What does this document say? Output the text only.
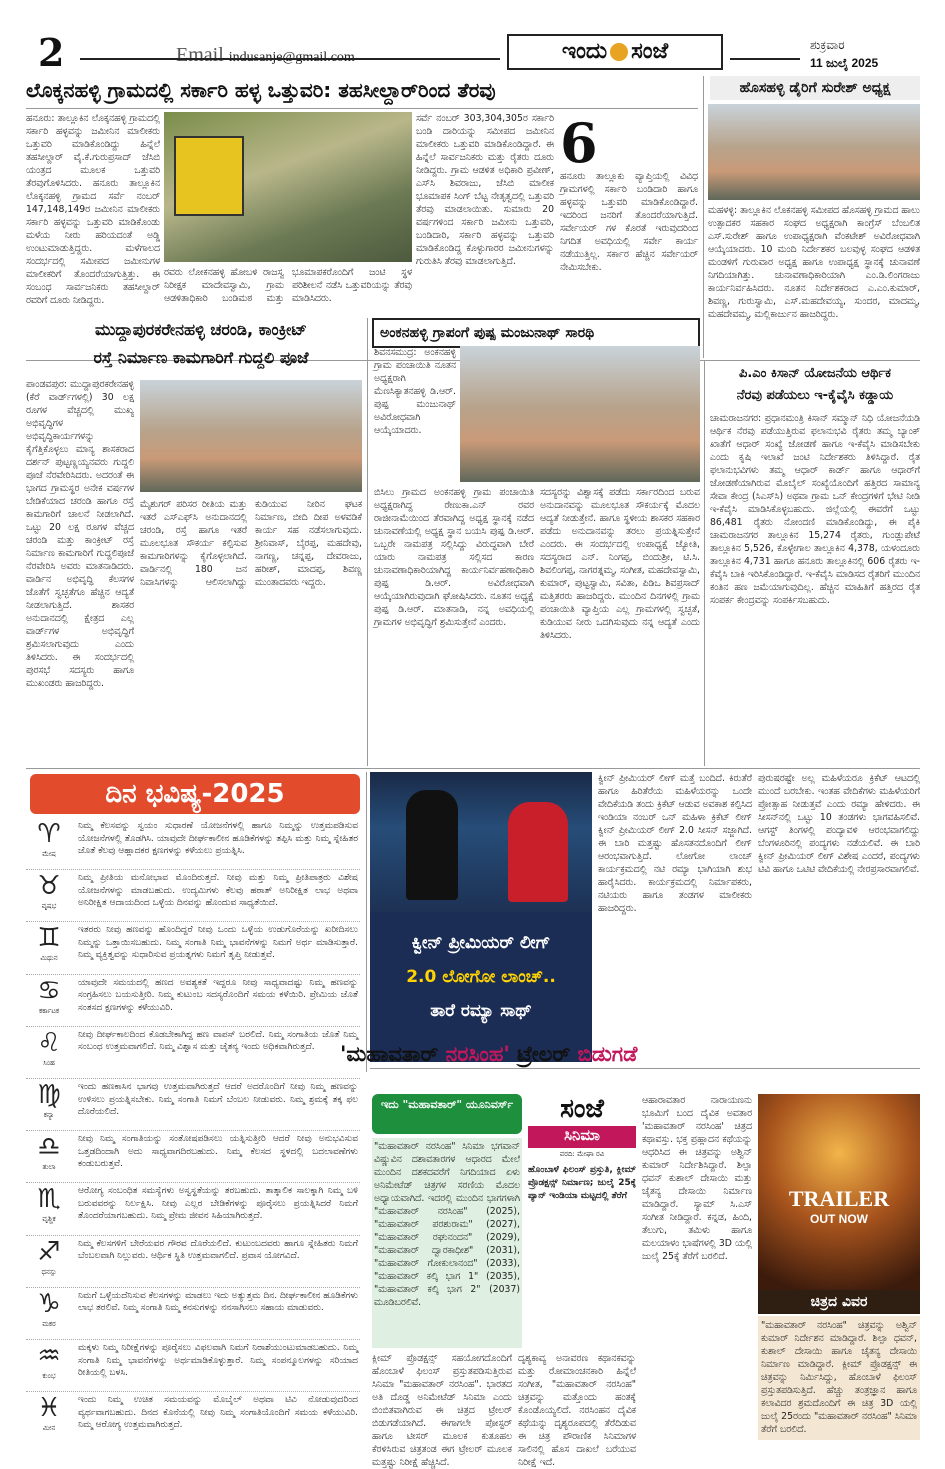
2	Email indusanje@gmail.com	ಇಂದು ಸಂಜೆ	ಶುಕ್ರವಾರ
11 ಜುಲೈ 2025
ಲೊಕ್ಕನಹಳ್ಳಿ ಗ್ರಾಮದಲ್ಲಿ ಸರ್ಕಾರಿ ಹಳ್ಳ ಒತ್ತುವರಿ: ತಹಸೀಲ್ದಾರ್‌ರಿಂದ ತೆರವು
ಹನೂರು: ತಾಲ್ಲೂಕಿನ ಲೊಕ್ಕನಹಳ್ಳಿ ಗ್ರಾಮದಲ್ಲಿ ಸರ್ಕಾರಿ ಹಳ್ಳವನ್ನು ಜಮೀನಿನ ಮಾಲೀಕರು ಒತ್ತುವರಿ ಮಾಡಿಕೊಂಡಿದ್ದು ಹಿನ್ನೆಲೆ ತಹಸೀಲ್ದಾರ್ ವೈ.ಕೆ.ಗುರುಪ್ರಸಾದ್ ಜೆಸಿಬಿ ಯಂತ್ರದ ಮೂಲಕ ಒತ್ತುವರಿ ತೆರವುಗೊಳಿಸಿದರು. ಹನೂರು ತಾಲ್ಲೂಕಿನ ಲೊಕ್ಕನಹಳ್ಳಿ ಗ್ರಾಮದ ಸರ್ವೆ ನಂಬರ್ 147,148,149ರ ಜಮೀನಿನ ಮಾಲೀಕರು ಸರ್ಕಾರಿ ಹಳ್ಳವನ್ನು ಒತ್ತುವರಿ ಮಾಡಿಕೊಂಡು ಮಳೆಯ ನೀರು ಹರಿಯದಂತೆ ಅಡ್ಡಿ ಉಂಟುಮಾಡುತ್ತಿದ್ದರು. ಮಳೆಗಾಲದ ಸಂದರ್ಭದಲ್ಲಿ ಸಮೀಪದ ಜಮೀನುಗಳ ಮಾಲೀಕರಿಗೆ ತೊಂದರೆಯಾಗುತ್ತಿತ್ತು. ಈ ಸಂಬಂಧ ಸಾರ್ವಜನಿಕರು ತಹಸೀಲ್ದಾರ್ ರವರಿಗೆ ದೂರು ನೀಡಿದ್ದರು.
ರವರು ಲೋಕನಹಳ್ಳಿ ಹೋಬಳಿ ರಾಜಸ್ವ ನಿರೀಕ್ಷಕ ಮಾದೇವಸ್ವಾಮಿ, ಗ್ರಾಮ ಆಡಳಿತಾಧಿಕಾರಿ ಬಂಡಿಮಠ ಮತ್ತು ಭೂಮಾಪಕರೊಂದಿಗೆ ಜಂಟಿ ಸ್ಥಳ ಪರಿಶೀಲನೆ ನಡೆಸಿ ಒತ್ತುವರಿಯನ್ನು ತೆರವು ಮಾಡಿಸಿದರು.
ಸರ್ವೆ ನಂಬರ್ 303,304,305ರ ಸರ್ಕಾರಿ ಬಂಡಿ ದಾರಿಯನ್ನು ಸಮೀಪದ ಜಮೀನಿನ ಮಾಲೀಕರು ಒತ್ತುವರಿ ಮಾಡಿಕೊಂಡಿದ್ದಾರೆ. ಈ ಹಿನ್ನೆಲೆ ಸಾರ್ವಜನಿಕರು ಮತ್ತು ರೈತರು ದೂರು ನೀಡಿದ್ದರು. ಗ್ರಾಮ ಆಡಳಿತ ಅಧಿಕಾರಿ ಪ್ರವೀಣ್, ಎಸ್‌ಸಿ ಶಿವರಾಜು, ಜೆಸಿಬಿ ಮಾಲೀಕ ಭೂಮಾಪಕ ಸಿಂಗ್ ಬೆಟ್ಟ ನೇತೃತ್ವದಲ್ಲಿ ಒತ್ತುವರಿ ತೆರವು ಮಾಡಲಾಯಿತು. ಸುಮಾರು 20 ವರ್ಷಗಳಿಂದ ಸರ್ಕಾರಿ ಜಮೀನು ಒತ್ತುವರಿ, ಬಂಡಿದಾರಿ, ಸರ್ಕಾರಿ ಹಳ್ಳವನ್ನು ಒತ್ತುವರಿ ಮಾಡಿಕೊಂಡಿದ್ದ ಕೊಳ್ಳುಗಾರರ ಜಮೀನುಗಳನ್ನು ಗುರುತಿಸಿ ತೆರವು ಮಾಡಲಾಗುತ್ತಿದೆ.
6
ಹನೂರು ತಾಲ್ಲೂಕು ವ್ಯಾಪ್ತಿಯಲ್ಲಿ ವಿವಿಧ ಗ್ರಾಮಗಳಲ್ಲಿ ಸರ್ಕಾರಿ ಬಂಡಿದಾರಿ ಹಾಗೂ ಹಳ್ಳವನ್ನು ಒತ್ತುವರಿ ಮಾಡಿಕೊಂಡಿದ್ದಾರೆ. ಇದರಿಂದ ಜನರಿಗೆ ತೊಂದರೆಯಾಗುತ್ತಿದೆ. ಸರ್ವೇಯರ್ ಗಳ ಕೊರತೆ ಇರುವುದರಿಂದ ನಿಗದಿತ ಅವಧಿಯಲ್ಲಿ ಸರ್ವೇ ಕಾರ್ಯ ನಡೆಯುತ್ತಿಲ್ಲ. ಸರ್ಕಾರ ಹೆಚ್ಚಿನ ಸರ್ವೇಯರ್ ನೇಮಿಸಬೇಕು.
ಹೊಸಹಳ್ಳಿ ಡೈರಿಗೆ ಸುರೇಶ್ ಅಧ್ಯಕ್ಷ
ಮಹಳಳ್ಳಿ: ತಾಲ್ಲೂಕಿನ ಲೊಕನಹಳ್ಳಿ ಸಮೀಪದ ಹೊಸಹಳ್ಳಿ ಗ್ರಾಮದ ಹಾಲು ಉತ್ಪಾದಕರ ಸಹಕಾರ ಸಂಘದ ಅಧ್ಯಕ್ಷರಾಗಿ ಕಾಂಗ್ರೆಸ್ ಬೆಂಬಲಿತ ಎಸ್.ಸುರೇಶ್ ಹಾಗೂ ಉಪಾಧ್ಯಕ್ಷರಾಗಿ ವೆಂಕಟೇಶ್ ಅವಿರೋಧವಾಗಿ ಆಯ್ಕೆಯಾದರು. 10 ಮಂದಿ ನಿರ್ದೇಶಕರ ಬಲವುಳ್ಳ ಸಂಘದ ಆಡಳಿತ ಮಂಡಳಿಗೆ ಗುರುವಾರ ಅಧ್ಯಕ್ಷ ಹಾಗೂ ಉಪಾಧ್ಯಕ್ಷ ಸ್ಥಾನಕ್ಕೆ ಚುನಾವಣೆ ನಿಗದಿಯಾಗಿತ್ತು. ಚುನಾವಣಾಧಿಕಾರಿಯಾಗಿ ಎಂ.ಡಿ.ಲಿಂಗರಾಜು ಕಾರ್ಯನಿರ್ವಹಿಸಿದರು. ನೂತನ ನಿರ್ದೇಶಕರಾದ ಎ.ಎಂ.ಕುಮಾರ್, ಶಿವಣ್ಣ, ಗುರುಸ್ವಾಮಿ, ಎಸ್.ಮಹದೇವಯ್ಯ, ಸುಂದರ, ಮಾದಮ್ಮ, ಮಹದೇವಮ್ಮ, ಮಲ್ಲಿಕಾರ್ಜುನ ಹಾಜರಿದ್ದರು.
ಮುದ್ದಾಪುರಕರೇನಹಳ್ಳಿ ಚರಂಡಿ, ಕಾಂಕ್ರೀಟ್
ರಸ್ತೆ ನಿರ್ಮಾಣ ಕಾಮಗಾರಿಗೆ ಗುದ್ದಲಿ ಪೂಜೆ
ಪಾಂಡವಪುರ: ಮುದ್ದಾಪುರಕರೇನಹಳ್ಳಿ (ಕೆರೆ ವಾರ್ಡ್‌ಗಳಲ್ಲಿ) 30 ಲಕ್ಷ ರೂಗಳ ವೆಚ್ಚದಲ್ಲಿ ಮುಖ್ಯ ಅಭಿವೃದ್ಧಿಗಳ ಅಭಿವೃದ್ಧಿಕಾರ್ಯಗಳನ್ನು ಕೈಗೆತ್ತಿಕೊಳ್ಳಲು ಮಾನ್ಯ ಶಾಸಕರಾದ ದರ್ಶನ್ ಪುಟ್ಟಣ್ಣಯ್ಯನವರು ಗುದ್ದಲಿ ಪೂಜೆ ನೆರವೇರಿಸಿದರು. ಅದರಂತೆ ಈ ಭಾಗದ ಗ್ರಾಮಸ್ಥರ ಅನೇಕ ವರ್ಷಗಳ ಬೇಡಿಕೆಯಾದ ಚರಂಡಿ ಹಾಗೂ ರಸ್ತೆ ಕಾಮಗಾರಿಗೆ ಚಾಲನೆ ನೀಡಲಾಗಿದೆ. ಒಟ್ಟು 20 ಲಕ್ಷ ರೂಗಳ ವೆಚ್ಚದ ಚರಂಡಿ ಮತ್ತು ಕಾಂಕ್ರೀಟ್ ರಸ್ತೆ ನಿರ್ಮಾಣ ಕಾಮಗಾರಿಗೆ ಗುದ್ದಲಿಪೂಜೆ ನೆರವೇರಿಸಿ ಅವರು ಮಾತನಾಡಿದರು. ವಾರ್ಡಿನ ಅಭಿವೃದ್ಧಿ ಕೆಲಸಗಳ ಜೊತೆಗೆ ಸ್ವಚ್ಛತೆಗೂ ಹೆಚ್ಚಿನ ಆದ್ಯತೆ ನೀಡಲಾಗುತ್ತಿದೆ. ಶಾಸಕರ ಅನುದಾನದಲ್ಲಿ ಕ್ಷೇತ್ರದ ಎಲ್ಲ ವಾರ್ಡ್‌ಗಳ ಅಭಿವೃದ್ಧಿಗೆ ಶ್ರಮಿಸಲಾಗುವುದು ಎಂದು ತಿಳಿಸಿದರು. ಈ ಸಂದರ್ಭದಲ್ಲಿ ಪುರಸಭೆ ಸದಸ್ಯರು ಹಾಗೂ ಮುಖಂಡರು ಹಾಜರಿದ್ದರು.
ಮೈಶುಗರ್ ಪರಿಸರ ರೀತಿಯ ಮತ್ತು ಇತರೆ ಎಸ್‌ಎಫ್‌ಸಿ ಅನುದಾನದಲ್ಲಿ ಚರಂಡಿ, ರಸ್ತೆ ಹಾಗೂ ಇತರೆ ಮೂಲಭೂತ ಸೌಕರ್ಯ ಕಲ್ಪಿಸುವ ಕಾಮಗಾರಿಗಳನ್ನು ಕೈಗೊಳ್ಳಲಾಗಿದೆ. ವಾರ್ಡಿನಲ್ಲಿ 180 ಜನ ನಿವಾಸಿಗಳನ್ನು ಆಲಿಸಲಾಗಿದ್ದು ಕುಡಿಯುವ ನೀರಿನ ಘಟಕ ನಿರ್ಮಾಣ, ಬೀದಿ ದೀಪ ಅಳವಡಿಕೆ ಕಾರ್ಯ ಸಹ ನಡೆಸಲಾಗುವುದು. ಶ್ರೀನಿವಾಸ್, ಬೈರಪ್ಪ, ಮಹದೇವು, ನಾಗಣ್ಣ, ಚನ್ನಪ್ಪ, ದೇವರಾಜು, ಹರೀಶ್, ಮಾದಪ್ಪ, ಶಿವಣ್ಣ ಮುಂತಾದವರು ಇದ್ದರು.
ಅಂಕನಹಳ್ಳಿ ಗ್ರಾಪಂಗೆ ಪುಷ್ಪ ಮಂಜುನಾಥ್ ಸಾರಥಿ
ಶಿವನಸಮುದ್ರ: ಅಂಕನಹಳ್ಳಿ ಗ್ರಾಮ ಪಂಚಾಯಿತಿ ನೂತನ ಅಧ್ಯಕ್ಷರಾಗಿ ಮೆಣಸಿಕ್ಯಾತನಹಳ್ಳಿ ಡಿ.ಆರ್. ಪುಷ್ಪ ಮಂಜುನಾಥ್ ಅವಿರೋಧವಾಗಿ ಆಯ್ಕೆಯಾದರು.
ಬಿಸಿಲು ಗ್ರಾಮದ ಅಂಕನಹಳ್ಳಿ ಗ್ರಾಮ ಪಂಚಾಯಿತಿ ಅಧ್ಯಕ್ಷರಾಗಿದ್ದ ರೇಣುಕಾ.ಎನ್ ರವರ ರಾಜೀನಾಮೆಯಿಂದ ತೆರವಾಗಿದ್ದ ಅಧ್ಯಕ್ಷ ಸ್ಥಾನಕ್ಕೆ ನಡೆದ ಚುನಾವಣೆಯಲ್ಲಿ ಅಧ್ಯಕ್ಷ ಸ್ಥಾನ ಬಯಸಿ ಪುಷ್ಪ ಡಿ.ಆರ್. ಒಬ್ಬರೇ ನಾಮಪತ್ರ ಸಲ್ಲಿಸಿದ್ದು ವಿರುದ್ಧವಾಗಿ ಬೇರೆ ಯಾರು ನಾಮಪತ್ರ ಸಲ್ಲಿಸದ ಕಾರಣ ಚುನಾವಣಾಧಿಕಾರಿಯಾಗಿದ್ದ ಕಾರ್ಯನಿರ್ವಹಣಾಧಿಕಾರಿ ಪುಷ್ಪ ಡಿ.ಆರ್. ಅವಿರೋಧವಾಗಿ ಆಯ್ಕೆಯಾಗಿರುವುದಾಗಿ ಘೋಷಿಸಿದರು. ನೂತನ ಅಧ್ಯಕ್ಷೆ ಪುಷ್ಪ ಡಿ.ಆರ್. ಮಾತನಾಡಿ, ನನ್ನ ಅವಧಿಯಲ್ಲಿ ಗ್ರಾಮಗಳ ಅಭಿವೃದ್ಧಿಗೆ ಶ್ರಮಿಸುತ್ತೇನೆ ಎಂದರು.
ಸದಸ್ಯರನ್ನು ವಿಶ್ವಾಸಕ್ಕೆ ಪಡೆದು ಸರ್ಕಾರದಿಂದ ಬರುವ ಅನುದಾನವನ್ನು ಮೂಲಭೂತ ಸೌಕರ್ಯಕ್ಕೆ ಮೊದಲ ಆದ್ಯತೆ ನೀಡುತ್ತೇನೆ. ಹಾಗೂ ಸ್ಥಳೀಯ ಶಾಸಕರ ಸಹಕಾರ ಪಡೆದು ಅನುದಾನವನ್ನು ತರಲು ಪ್ರಯತ್ನಿಸುತ್ತೇನೆ ಎಂದರು. ಈ ಸಂದರ್ಭದಲ್ಲಿ ಉಪಾಧ್ಯಕ್ಷೆ ಜ್ಯೋತಿ, ಸದಸ್ಯರಾದ ಎನ್. ನಿಂಗಪ್ಪ, ಬಿಂದುಶ್ರೀ, ಟಿ.ಸಿ. ಶಿವಲಿಂಗಪ್ಪ, ನಾಗರತ್ನಮ್ಮ, ಸಂಗೀತ, ಮಹದೇವಸ್ವಾಮಿ, ಕುಮಾರ್, ಪುಟ್ಟಸ್ವಾಮಿ, ಸವಿತಾ, ಪಿಡಿಒ ಶಿವಪ್ರಸಾದ್ ಮತ್ತಿತರರು ಹಾಜರಿದ್ದರು. ಮುಂದಿನ ದಿನಗಳಲ್ಲಿ ಗ್ರಾಮ ಪಂಚಾಯಿತಿ ವ್ಯಾಪ್ತಿಯ ಎಲ್ಲ ಗ್ರಾಮಗಳಲ್ಲಿ ಸ್ವಚ್ಛತೆ, ಕುಡಿಯುವ ನೀರು ಒದಗಿಸುವುದು ನನ್ನ ಆದ್ಯತೆ ಎಂದು ತಿಳಿಸಿದರು.
ಪಿ.ಎಂ ಕಿಸಾನ್ ಯೋಜನೆಯ ಆರ್ಥಿಕ
ನೆರವು ಪಡೆಯಲು ಇ-ಕೈವೈಸಿ ಕಡ್ಡಾಯ
ಚಾಮರಾಜನಗರ: ಪ್ರಧಾನಮಂತ್ರಿ ಕಿಸಾನ್ ಸಮ್ಮಾನ್ ನಿಧಿ ಯೋಜನೆಯಡಿ ಆರ್ಥಿಕ ನೆರವು ಪಡೆಯುತ್ತಿರುವ ಫಲಾನುಭವಿ ರೈತರು ತಮ್ಮ ಬ್ಯಾಂಕ್ ಖಾತೆಗೆ ಆಧಾರ್ ಸಂಖ್ಯೆ ಜೋಡಣೆ ಹಾಗೂ ಇ-ಕೆವೈಸಿ ಮಾಡಿಸಬೇಕು ಎಂದು ಕೃಷಿ ಇಲಾಖೆ ಜಂಟಿ ನಿರ್ದೇಶಕರು ತಿಳಿಸಿದ್ದಾರೆ. ರೈತ ಫಲಾನುಭವಿಗಳು ತಮ್ಮ ಆಧಾರ್ ಕಾರ್ಡ್ ಹಾಗೂ ಆಧಾರ್‌ಗೆ ಜೋಡಣೆಯಾಗಿರುವ ಮೊಬೈಲ್ ಸಂಖ್ಯೆಯೊಂದಿಗೆ ಹತ್ತಿರದ ಸಾಮಾನ್ಯ ಸೇವಾ ಕೇಂದ್ರ (ಸಿಎಸ್‌ಸಿ) ಅಥವಾ ಗ್ರಾಮ ಒನ್ ಕೇಂದ್ರಗಳಿಗೆ ಭೇಟಿ ನೀಡಿ ಇ-ಕೆವೈಸಿ ಮಾಡಿಸಿಕೊಳ್ಳಬಹುದು. ಜಿಲ್ಲೆಯಲ್ಲಿ ಈವರೆಗೆ ಒಟ್ಟು 86,481 ರೈತರು ನೋಂದಣಿ ಮಾಡಿಕೊಂಡಿದ್ದು, ಈ ಪೈಕಿ ಚಾಮರಾಜನಗರ ತಾಲ್ಲೂಕಿನ 15,274 ರೈತರು, ಗುಂಡ್ಲುಪೇಟೆ ತಾಲ್ಲೂಕಿನ 5,526, ಕೊಳ್ಳೇಗಾಲ ತಾಲ್ಲೂಕಿನ 4,378, ಯಳಂದೂರು ತಾಲ್ಲೂಕಿನ 4,731 ಹಾಗೂ ಹನೂರು ತಾಲ್ಲೂಕಿನಲ್ಲಿ 606 ರೈತರು ಇ-ಕೆವೈಸಿ ಬಾಕಿ ಇರಿಸಿಕೊಂಡಿದ್ದಾರೆ. ಇ-ಕೆವೈಸಿ ಮಾಡಿಸದ ರೈತರಿಗೆ ಮುಂದಿನ ಕಂತಿನ ಹಣ ಜಮೆಯಾಗುವುದಿಲ್ಲ. ಹೆಚ್ಚಿನ ಮಾಹಿತಿಗೆ ಹತ್ತಿರದ ರೈತ ಸಂಪರ್ಕ ಕೇಂದ್ರವನ್ನು ಸಂಪರ್ಕಿಸಬಹುದು.
ದಿನ ಭವಿಷ್ಯ-2025
♈
ಮೇಷ
ನಿಮ್ಮ ಕೆಲಸವನ್ನು ಸ್ವಯಂ ಸುಧಾರಣೆ ಯೋಜನೆಗಳಲ್ಲಿ ಹಾಗೂ ನಿಮ್ಮನ್ನು ಉತ್ತಮಪಡಿಸುವ ಯೋಜನೆಗಳಲ್ಲಿ ತೊಡಗಿಸಿ. ಯಾವುದೇ ದೀರ್ಘಕಾಲೀನ ಹೂಡಿಕೆಗಳನ್ನು ತಪ್ಪಿಸಿ ಮತ್ತು ನಿಮ್ಮ ಸ್ನೇಹಿತರ ಜೊತೆ ಕೆಲವು ಆಹ್ಲಾದಕರ ಕ್ಷಣಗಳನ್ನು ಕಳೆಯಲು ಪ್ರಯತ್ನಿಸಿ.
♉
ವೃಷಭ
ನಿಮ್ಮ ಪ್ರೀತಿಯ ಮನೋಭಾವ ಮೊಂದಿರುತ್ತದೆ. ನೀವು ಮತ್ತು ನಿಮ್ಮ ಪ್ರೀತಿಪಾತ್ರರು ವಿಶೇಷ ಯೋಜನೆಗಳನ್ನು ಮಾಡಬಹುದು. ಉದ್ಯಮಿಗಳು ಕೆಲವು ಹಠಾತ್ ಅನಿರೀಕ್ಷಿತ ಲಾಭ ಅಥವಾ ಅನಿರೀಕ್ಷಿತ ಆದಾಯದಿಂದ ಒಳ್ಳೆಯ ದಿನವನ್ನು ಹೊಂದುವ ಸಾಧ್ಯತೆಯಿದೆ.
♊
ಮಿಥುನ
ಇತರರು ನೀವು ಹಣವನ್ನು ಹೊಂದಿದ್ದರೆ ನೀವು ಒಂದು ಒಳ್ಳೆಯ ಉಡುಗೊರೆಯನ್ನು ಖರೀದಿಸಲು ನಿಮ್ಮನ್ನು ಒತ್ತಾಯಿಸಬಹುದು. ನಿಮ್ಮ ಸಂಗಾತಿ ನಿಮ್ಮ ಭಾವನೆಗಳನ್ನು ನಿಮಗೆ ಅರ್ಥ ಮಾಡಿಸುತ್ತಾರೆ. ನಿಮ್ಮ ವ್ಯಕ್ತಿತ್ವವನ್ನು ಸುಧಾರಿಸುವ ಪ್ರಯತ್ನಗಳು ನಿಮಗೆ ತೃಪ್ತಿ ನೀಡುತ್ತವೆ.
♋
ಕರ್ಕಾಟಕ
ಯಾವುದೇ ಸಮಯದಲ್ಲಿ ಹಣದ ಅವಶ್ಯಕತೆ ಇದ್ದರೂ ನೀವು ಸಾಧ್ಯವಾದಷ್ಟು ನಿಮ್ಮ ಹಣವನ್ನು ಸಂಗ್ರಹಿಸಲು ಬಯಸುತ್ತೀರಿ. ನಿಮ್ಮ ಕುಟುಂಬ ಸದಸ್ಯರೊಂದಿಗೆ ಸಮಯ ಕಳೆಯಿರಿ. ಪ್ರೇಮಿಯ ಜೊತೆ ಸಂತಸದ ಕ್ಷಣಗಳನ್ನು ಕಳೆಯುವಿರಿ.
♌
ಸಿಂಹ
ನೀವು ದೀರ್ಘಕಾಲದಿಂದ ಕೊಡಬೇಕಾಗಿದ್ದ ಹಣ ವಾಪಸ್ ಬರಲಿದೆ. ನಿಮ್ಮ ಸಂಗಾತಿಯ ಜೊತೆ ನಿಮ್ಮ ಸಂಬಂಧ ಉತ್ತಮವಾಗಲಿದೆ. ನಿಮ್ಮ ವಿಶ್ವಾಸ ಮತ್ತು ಚೈತನ್ಯ ಇಂದು ಅಧಿಕವಾಗಿರುತ್ತದೆ.
♍
ಕನ್ಯಾ
ಇಂದು ಹಣಕಾಸಿನ ಭಾಗವು ಉತ್ತಮವಾಗಿರುತ್ತದೆ ಆದರೆ ಅದರೊಂದಿಗೆ ನೀವು ನಿಮ್ಮ ಹಣವನ್ನು ಉಳಿಸಲು ಪ್ರಯತ್ನಿಸಬೇಕು. ನಿಮ್ಮ ಸಂಗಾತಿ ನಿಮಗೆ ಬೆಂಬಲ ನೀಡುವರು. ನಿಮ್ಮ ಶ್ರಮಕ್ಕೆ ತಕ್ಕ ಫಲ ದೊರೆಯಲಿದೆ.
♎
ತುಲಾ
ನೀವು ನಿಮ್ಮ ಸಂಗಾತಿಯನ್ನು ಸಂತೋಷಪಡಿಸಲು ಯತ್ನಿಸುತ್ತೀರಿ ಆದರೆ ನೀವು ಅನುಭವಿಸುವ ಒತ್ತಡದಿಂದಾಗಿ ಅದು ಸಾಧ್ಯವಾಗದಿರಬಹುದು. ನಿಮ್ಮ ಕೆಲಸದ ಸ್ಥಳದಲ್ಲಿ ಬದಲಾವಣೆಗಳು ಕಂಡುಬರುತ್ತವೆ.
♏
ವೃಶ್ಚಿಕ
ಆರೋಗ್ಯ ಸಂಬಂಧಿತ ಸಮಸ್ಯೆಗಳು ಅಸ್ವಸ್ಥತೆಯನ್ನು ತರಬಹುದು. ತಾತ್ಕಾಲಿಕ ಸಾಲಕ್ಕಾಗಿ ನಿಮ್ಮ ಬಳಿ ಬರುವವರನ್ನು ನಿರ್ಲಕ್ಷಿಸಿ. ನೀವು ಎಲ್ಲರ ಬೇಡಿಕೆಗಳನ್ನು ಪೂರೈಸಲು ಪ್ರಯತ್ನಿಸಿದರೆ ನಿಮಗೆ ತೊಂದರೆಯಾಗಬಹುದು. ನಿಮ್ಮ ಪ್ರೇಮ ಜೀವನ ಸಿಹಿಯಾಗಿರುತ್ತದೆ.
♐
ಧನಸ್ಸು
ನಿಮ್ಮ ಕೆಲಸಗಳಿಗೆ ಬೇರೆಯವರ ಗೌರವ ದೊರೆಯಲಿದೆ. ಕುಟುಂಬದವರು ಹಾಗೂ ಸ್ನೇಹಿತರು ನಿಮಗೆ ಬೆಂಬಲವಾಗಿ ನಿಲ್ಲುವರು. ಆರ್ಥಿಕ ಸ್ಥಿತಿ ಉತ್ತಮವಾಗಲಿದೆ. ಪ್ರವಾಸ ಯೋಗವಿದೆ.
♑
ಮಕರ
ನಿಮಗೆ ಒಳ್ಳೆಯದೆನಿಸುವ ಕೆಲಸಗಳನ್ನು ಮಾಡಲು ಇದು ಅತ್ಯುತ್ತಮ ದಿನ. ದೀರ್ಘಕಾಲೀನ ಹೂಡಿಕೆಗಳು ಲಾಭ ತರಲಿವೆ. ನಿಮ್ಮ ಸಂಗಾತಿ ನಿಮ್ಮ ಕನಸುಗಳನ್ನು ನನಸಾಗಿಸಲು ಸಹಾಯ ಮಾಡುವರು.
♒
ಕುಂಭ
ಮಕ್ಕಳು ನಿಮ್ಮ ನಿರೀಕ್ಷೆಗಳನ್ನು ಪೂರೈಸಲು ವಿಫಲವಾಗಿ ನಿಮಗೆ ನಿರಾಶೆಯುಂಟುಮಾಡಬಹುದು. ನಿಮ್ಮ ಸಂಗಾತಿ ನಿಮ್ಮ ಭಾವನೆಗಳನ್ನು ಅರ್ಥಮಾಡಿಕೊಳ್ಳುತ್ತಾರೆ. ನಿಮ್ಮ ಸಂಪನ್ಮೂಲಗಳನ್ನು ಸರಿಯಾದ ರೀತಿಯಲ್ಲಿ ಬಳಸಿ.
♓
ಮೀನ
ಇಂದು ನಿಮ್ಮ ಉಚಿತ ಸಮಯವನ್ನು ಮೊಬೈಲ್ ಅಥವಾ ಟಿವಿ ನೋಡುವುದರಿಂದ ವ್ಯರ್ಥವಾಗಬಹುದು. ದಿನದ ಕೊನೆಯಲ್ಲಿ ನೀವು ನಿಮ್ಮ ಸಂಗಾತಿಯೊಂದಿಗೆ ಸಮಯ ಕಳೆಯುವಿರಿ. ನಿಮ್ಮ ಆರೋಗ್ಯ ಉತ್ತಮವಾಗಿರುತ್ತದೆ.
ಕ್ವೀನ್ ಪ್ರೀಮಿಯರ್ ಲೀಗ್
2.0 ಲೋಗೋ ಲಾಂಚ್..
ತಾರೆ ರಮ್ಯಾ ಸಾಥ್
ಕ್ವೀನ್ ಪ್ರೀಮಿಯರ್ ಲೀಗ್ ಮತ್ತೆ ಬಂದಿದೆ. ಕಿರುತೆರೆ ಹಾಗೂ ಹಿರಿತೆರೆಯ ಮಹಿಳೆಯರನ್ನು ಒಂದೇ ವೇದಿಕೆಯಡಿ ತಂದು ಕ್ರಿಕೆಟ್ ಆಡುವ ಅವಕಾಶ ಕಲ್ಪಿಸಿದ ಇಂಡಿಯಾ ನಂಬರ್ ಒನ್ ಮಹಿಳಾ ಕ್ರಿಕೆಟ್ ಲೀಗ್ ಕ್ವೀನ್ ಪ್ರೀಮಿಯರ್ ಲೀಗ್ 2.0 ಸೀಸನ್ ಸಜ್ಜಾಗಿದೆ. ಈ ಬಾರಿ ಮತ್ತಷ್ಟು ಹೊಸತನದೊಂದಿಗೆ ಲೀಗ್ ಆರಂಭವಾಗುತ್ತಿದೆ. ಲೋಗೋ ಲಾಂಚ್ ಕಾರ್ಯಕ್ರಮದಲ್ಲಿ ನಟಿ ರಮ್ಯಾ ಭಾಗಿಯಾಗಿ ಶುಭ ಹಾರೈಸಿದರು. ಕಾರ್ಯಕ್ರಮದಲ್ಲಿ ನಿರ್ಮಾಪಕರು, ನಟಿಯರು ಹಾಗೂ ತಂಡಗಳ ಮಾಲೀಕರು ಹಾಜರಿದ್ದರು.
ಪುರುಷರಷ್ಟೇ ಅಲ್ಲ ಮಹಿಳೆಯರೂ ಕ್ರಿಕೆಟ್ ಆಟದಲ್ಲಿ ಮುಂದೆ ಬರಬೇಕು. ಇಂತಹ ವೇದಿಕೆಗಳು ಮಹಿಳೆಯರಿಗೆ ಪ್ರೋತ್ಸಾಹ ನೀಡುತ್ತವೆ ಎಂದು ರಮ್ಯಾ ಹೇಳಿದರು. ಈ ಸೀಸನ್‌ನಲ್ಲಿ ಒಟ್ಟು 10 ತಂಡಗಳು ಭಾಗವಹಿಸಲಿವೆ. ಆಗಸ್ಟ್ ತಿಂಗಳಲ್ಲಿ ಪಂದ್ಯಾವಳಿ ಆರಂಭವಾಗಲಿದ್ದು ಬೆಂಗಳೂರಿನಲ್ಲಿ ಪಂದ್ಯಗಳು ನಡೆಯಲಿವೆ. ಈ ಬಾರಿ ಕ್ವೀನ್ ಪ್ರೀಮಿಯರ್ ಲೀಗ್ ವಿಶೇಷ ಎಂದರೆ, ಪಂದ್ಯಗಳು ಟಿವಿ ಹಾಗೂ ಒಟಿಟಿ ವೇದಿಕೆಯಲ್ಲಿ ನೇರಪ್ರಸಾರವಾಗಲಿವೆ.
'ಮಹಾವತಾರ್ ನರಸಿಂಹ' ಟ್ರೇಲರ್ ಬಿಡುಗಡೆ
ಇದು "ಮಹಾವತಾರ್" ಯೂನಿವರ್ಸ್
"ಮಹಾವತಾರ್ ನರಸಿಂಹ" ಸಿನಿಮಾ ಭಗವಾನ್ ವಿಷ್ಣುವಿನ ದಶಾವತಾರಗಳ ಆಧಾರದ ಮೇಲೆ ಮುಂದಿನ ದಶಕದವರೆಗೆ ನಿಗದಿಯಾದ ಏಳು ಅನಿಮೇಟೆಡ್ ಚಿತ್ರಗಳ ಸರಣಿಯ ಮೊದಲ ಅಧ್ಯಾಯವಾಗಿದೆ. ಇದರಲ್ಲಿ ಮುಂದಿನ ಭಾಗಗಳಾಗಿ "ಮಹಾವತಾರ್ ನರಸಿಂಹ" (2025), "ಮಹಾವತಾರ್ ಪರಶುರಾಮ" (2027), "ಮಹಾವತಾರ್ ರಘುನಂದನ" (2029), "ಮಹಾವತಾರ್ ದ್ವಾರಕಾಧೀಶ" (2031), "ಮಹಾವತಾರ್ ಗೋಕುಲಾನಂದ" (2033), "ಮಹಾವತಾರ್ ಕಲ್ಕಿ ಭಾಗ 1" (2035), "ಮಹಾವತಾರ್ ಕಲ್ಕಿ ಭಾಗ 2" (2037) ಮೂಡಿಬರಲಿವೆ.
ಸಂಜೆ
ಸಿನಿಮಾ
ವರದಿ: ಮೇಘಾ ರವಿ
ಹೊಂಬಾಳೆ ಫಿಲಂಸ್ ಪ್ರಸ್ತುತಿ, ಕ್ಲೀಮ್ ಪ್ರೊಡಕ್ಷನ್ಸ್ ನಿರ್ಮಾಣ; ಜುಲೈ 25ಕ್ಕೆ ಪ್ಯಾನ್ ಇಂಡಿಯಾ ಮಟ್ಟದಲ್ಲಿ ತೆರೆಗೆ
ಕ್ಲೀಮ್ ಪ್ರೊಡಕ್ಷನ್ಸ್ ಸಹಯೋಗದೊಂದಿಗೆ ಹೊಂಬಾಳೆ ಫಿಲಂಸ್ ಪ್ರಸ್ತುತಪಡಿಸುತ್ತಿರುವ ಸಿನಿಮಾ "ಮಹಾವತಾರ್ ನರಸಿಂಹ". ಭಾರತದ ಅತಿ ದೊಡ್ಡ ಅನಿಮೇಟೆಡ್ ಸಿನಿಮಾ ಎಂದು ಬಿಂಬಿತವಾಗಿರುವ ಈ ಚಿತ್ರದ ಟ್ರೇಲರ್ ಬಿಡುಗಡೆಯಾಗಿದೆ. ಈಗಾಗಲೇ ಪೋಸ್ಟರ್ ಹಾಗೂ ಟೀಸರ್ ಮೂಲಕ ಕುತೂಹಲ ಕೆರಳಿಸಿರುವ ಚಿತ್ರತಂಡ ಈಗ ಟ್ರೇಲರ್ ಮೂಲಕ ಮತ್ತಷ್ಟು ನಿರೀಕ್ಷೆ ಹೆಚ್ಚಿಸಿದೆ.
ದೃಶ್ಯಕಾವ್ಯ ಅನಾವರಣ ಕಥಾನಕವನ್ನು ಮತ್ತು ರೋಮಾಂಚನಕಾರಿ ಹಿನ್ನೆಲೆ ಸಂಗೀತ, "ಮಹಾವತಾರ್ ನರಸಿಂಹ" ಚಿತ್ರವನ್ನು ಮತ್ತೊಂದು ಹಂತಕ್ಕೆ ಕೊಂಡೊಯ್ಯಲಿದೆ. ನರಸಿಂಹನ ದೈವಿಕ ಕಥೆಯನ್ನು ದೃಶ್ಯರೂಪದಲ್ಲಿ ತೆರೆದಿಡುವ ಈ ಚಿತ್ರ ಪೌರಾಣಿಕ ಸಿನಿಮಾಗಳ ಸಾಲಿನಲ್ಲಿ ಹೊಸ ದಾಖಲೆ ಬರೆಯುವ ನಿರೀಕ್ಷೆ ಇದೆ.
ಆಹಾರಾವತಾರ ನಾರಾಯಣನು ಭೂಮಿಗೆ ಬಂದ ದೈವಿಕ ಅವತಾರ 'ಮಹಾವತಾರ್ ನರಸಿಂಹ' ಚಿತ್ರದ ಕಥಾವಸ್ತು. ಭಕ್ತ ಪ್ರಹ್ಲಾದನ ಕಥೆಯನ್ನು ಆಧರಿಸಿದ ಈ ಚಿತ್ರವನ್ನು ಅಶ್ವಿನ್ ಕುಮಾರ್ ನಿರ್ದೇಶಿಸಿದ್ದಾರೆ. ಶಿಲ್ಪಾ ಧವನ್ ಕುಶಾಲ್ ದೇಸಾಯಿ ಮತ್ತು ಚೈತನ್ಯ ದೇಸಾಯಿ ನಿರ್ಮಾಣ ಮಾಡಿದ್ದಾರೆ. ಸ್ಯಾಮ್ ಸಿ.ಎಸ್ ಸಂಗೀತ ನೀಡಿದ್ದಾರೆ. ಕನ್ನಡ, ಹಿಂದಿ, ತೆಲುಗು, ತಮಿಳು ಹಾಗೂ ಮಲಯಾಳಂ ಭಾಷೆಗಳಲ್ಲಿ 3D ಯಲ್ಲಿ ಜುಲೈ 25ಕ್ಕೆ ತೆರೆಗೆ ಬರಲಿದೆ.
TRAILER
OUT NOW
ಚಿತ್ರದ ವಿವರ
"ಮಹಾವತಾರ್ ನರಸಿಂಹ" ಚಿತ್ರವನ್ನು ಅಶ್ವಿನ್ ಕುಮಾರ್ ನಿರ್ದೇಶನ ಮಾಡಿದ್ದಾರೆ. ಶಿಲ್ಪಾ ಧವನ್, ಕುಶಾಲ್ ದೇಸಾಯಿ ಹಾಗೂ ಚೈತನ್ಯ ದೇಸಾಯಿ ನಿರ್ಮಾಣ ಮಾಡಿದ್ದಾರೆ. ಕ್ಲೀಮ್ ಪ್ರೊಡಕ್ಷನ್ಸ್ ಈ ಚಿತ್ರವನ್ನು ನಿರ್ಮಿಸಿದ್ದು, ಹೊಂಬಾಳೆ ಫಿಲಂಸ್ ಪ್ರಸ್ತುತಪಡಿಸುತ್ತಿದೆ. ಹೆಚ್ಚು ತಂತ್ರಜ್ಞಾನ ಹಾಗೂ ಕಲಾವಿದರ ಶ್ರಮದೊಂದಿಗೆ ಈ ಚಿತ್ರ 3D ಯಲ್ಲಿ ಜುಲೈ 25ರಂದು "ಮಹಾವತಾರ್ ನರಸಿಂಹ" ಸಿನಿಮಾ ತೆರೆಗೆ ಬರಲಿದೆ.
